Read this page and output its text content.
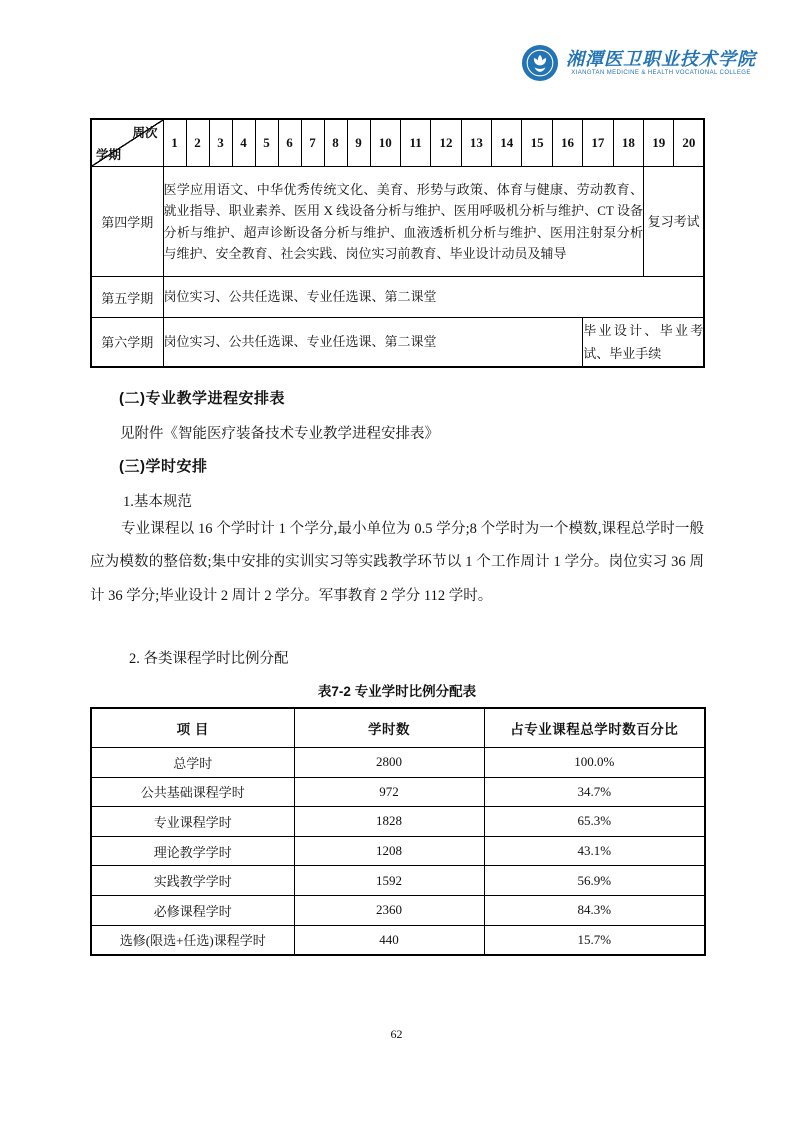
湘潭医卫职业技术学院
XIANGTAN MEDICINE & HEALTH VOCATIONAL COLLEGE
周次
学期	1	2	3	4	5	6	7	8	9	10	11	12	13	14	15	16	17	18	19	20
第四学期	医学应用语文、中华优秀传统文化、美育、形势与政策、体育与健康、劳动教育、就业指导、职业素养、医用 X 线设备分析与维护、医用呼吸机分析与维护、CT 设备分析与维护、超声诊断设备分析与维护、血液透析机分析与维护、医用注射泵分析与维护、安全教育、社会实践、岗位实习前教育、毕业设计动员及辅导																		复习考试	
第五学期	岗位实习、公共任选课、专业任选课、第二课堂																			
第六学期	岗位实习、公共任选课、专业任选课、第二课堂																毕业设计、毕业考试、毕业手续			
(二)专业教学进程安排表
见附件《智能医疗装备技术专业教学进程安排表》
(三)学时安排
1.基本规范
专业课程以 16 个学时计 1 个学分,最小单位为 0.5 学分;8 个学时为一个模数,课程总学时一般应为模数的整倍数;集中安排的实训实习等实践教学环节以 1 个工作周计 1 学分。岗位实习 36 周计 36 学分;毕业设计 2 周计 2 学分。军事教育 2 学分 112 学时。
2. 各类课程学时比例分配
表7-2 专业学时比例分配表
项 目	学时数	占专业课程总学时数百分比
总学时	2800	100.0%
公共基础课程学时	972	34.7%
专业课程学时	1828	65.3%
理论教学学时	1208	43.1%
实践教学学时	1592	56.9%
必修课程学时	2360	84.3%
选修(限选+任选)课程学时	440	15.7%
62
